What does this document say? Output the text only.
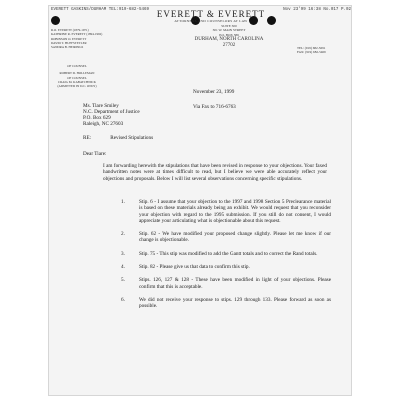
EVERETT GASKINS/DURHAM TEL:919-682-5469	Nov 23'99 16:38 No.017 P.02
EVERETT & EVERETT
ATTORNEYS AND COUNSELORS AT LAW
SUITE 300
301 W. MAIN STREET
P.O. BOX 586
DURHAM, NORTH CAROLINA 27702	TEL: (919) 682-5691
FAX: (919) 682-5469
R.O. EVERETT (1879-1971)
KATHRINE R. EVERETT (1894-1992)
ROBINSON O. EVERETT
DAVID T. HUFFSTETLER
SANDRA B. HEIRINGS
OF COUNSEL
ROBERT D. HOLLEMAN
OF COUNSEL
CRAIG M. KABATCHNICK
(ADMITTED IN D.C. ONLY)
November 23, 1999
Ms. Tiare Smiley
N.C. Department of Justice
P.O. Box 629
Raleigh, NC 27603
Via Fax to 716-6763
RE:	Revised Stipulations
Dear Tiare:
I am forwarding herewith the stipulations that have been revised in response to your objections. Your faxed handwritten notes were at times difficult to read, but I believe we were able accurately reflect your objections and proposals. Below I will list several observations concerning specific stipulations.
1.	Stip. 6 - I assume that your objection to the 1997 and 1998 Section 5 Preclearance material is based on these materials already being an exhibit. We would request that you reconsider your objection with regard to the 1995 submission. If you still do not consent, I would appreciate your articulating what is objectionable about this request.
2.	Stip. 62 - We have modified your proposed change slightly. Please let me know if our change is objectionable.
3.	Stip. 75 - This stip was modified to add the Gantt totals and to correct the Rand totals.
4.	Stip. 82 - Please give us that data to confirm this stip.
5.	Stips. 126, 127 & 128 - These have been modified in light of your objections. Please confirm that this is acceptable.
6.	We did not receive your response to stips. 129 through 133. Please forward as soon as possible.
